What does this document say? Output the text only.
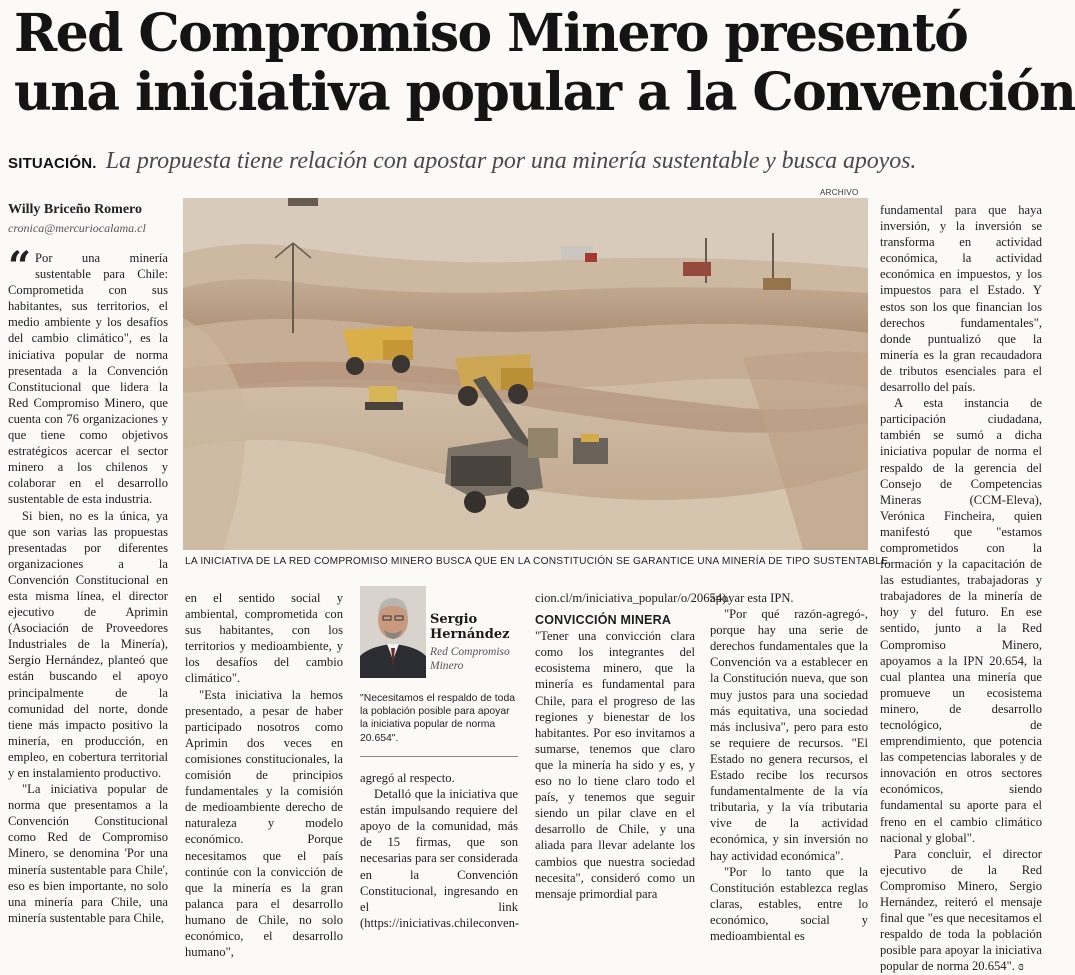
Red Compromiso Minero presentó
una iniciativa popular a la Convención
SITUACIÓN. La propuesta tiene relación con apostar por una minería sustentable y busca apoyos.
Willy Briceño Romero
cronica@mercuriocalama.cl

“ Por una minería sustentable para Chile: Comprometida con sus habitantes, sus territorios, el medio ambiente y los desafíos del cambio climático", es la iniciativa popular de norma presentada a la Convención Constitucional que lidera la Red Compromiso Minero, que cuenta con 76 organizaciones y que tiene como objetivos estratégicos acercar el sector minero a los chilenos y colaborar en el desarrollo sustentable de esta industria.

Si bien, no es la única, ya que son varias las propuestas presentadas por diferentes organizaciones a la Convención Constitucional en esta misma línea, el director ejecutivo de Aprimin (Asociación de Proveedores Industriales de la Minería), Sergio Hernández, planteó que están buscando el apoyo principalmente de la comunidad del norte, donde tiene más impacto positivo la minería, en producción, en empleo, en cobertura territorial y en instalamiento productivo.

"La iniciativa popular de norma que presentamos a la Convención Constitucional como Red de Compromiso Minero, se denomina 'Por una minería sustentable para Chile', eso es bien importante, no solo una minería para Chile, una minería sustentable para Chile,

ARCHIVO
LA INICIATIVA DE LA RED COMPROMISO MINERO BUSCA QUE EN LA CONSTITUCIÓN SE GARANTICE UNA MINERÍA DE TIPO SUSTENTABLE.

en el sentido social y ambiental, comprometida con sus habitantes, con los territorios y medioambiente, y los desafíos del cambio climático".

"Esta iniciativa la hemos presentado, a pesar de haber participado nosotros como Aprimin dos veces en comisiones constitucionales, la comisión de principios fundamentales y la comisión de medioambiente derecho de naturaleza y modelo económico. Porque necesitamos que el país continúe con la convicción de que la minería es la gran palanca para el desarrollo humano de Chile, no solo económico, el desarrollo humano",

Sergio Hernández
Red Compromiso Minero
"Necesitamos el respaldo de toda la población posible para apoyar la iniciativa popular de norma 20.654".

agregó al respecto.

Detalló que la iniciativa que están impulsando requiere del apoyo de la comunidad, más de 15 firmas, que son necesarias para ser considerada en la Convención Constitucional, ingresando en el link (https://iniciativas.chileconven-

cion.cl/m/iniciativa_popular/o/20654).

CONVICCIÓN MINERA

"Tener una convicción clara como los integrantes del ecosistema minero, que la minería es fundamental para Chile, para el progreso de las regiones y bienestar de los habitantes. Por eso invitamos a sumarse, tenemos que claro que la minería ha sido y es, y eso no lo tiene claro todo el país, y tenemos que seguir siendo un pilar clave en el desarrollo de Chile, y una aliada para llevar adelante los cambios que nuestra sociedad necesita", consideró como un mensaje primordial para

apoyar esta IPN.

"Por qué razón-agregó-, porque hay una serie de derechos fundamentales que la Convención va a establecer en la Constitución nueva, que son muy justos para una sociedad más equitativa, una sociedad más inclusiva", pero para esto se requiere de recursos. "El Estado no genera recursos, el Estado recibe los recursos fundamentalmente de la vía tributaria, y la vía tributaria vive de la actividad económica, y sin inversión no hay actividad económica".

"Por lo tanto que la Constitución establezca reglas claras, estables, entre lo económico, social y medioambiental es

fundamental para que haya inversión, y la inversión se transforma en actividad económica, la actividad económica en impuestos, y los impuestos para el Estado. Y estos son los que financian los derechos fundamentales", donde puntualizó que la minería es la gran recaudadora de tributos esenciales para el desarrollo del país.

A esta instancia de participación ciudadana, también se sumó a dicha iniciativa popular de norma el respaldo de la gerencia del Consejo de Competencias Mineras (CCM-Eleva), Verónica Fincheira, quien manifestó que "estamos comprometidos con la formación y la capacitación de las estudiantes, trabajadoras y trabajadores de la minería de hoy y del futuro. En ese sentido, junto a la Red Compromiso Minero, apoyamos a la IPN 20.654, la cual plantea una minería que promueve un ecosistema minero, de desarrollo tecnológico, de emprendimiento, que potencia las competencias laborales y de innovación en otros sectores económicos, siendo fundamental su aporte para el freno en el cambio climático nacional y global".

Para concluir, el director ejecutivo de la Red Compromiso Minero, Sergio Hernández, reiteró el mensaje final que "es que necesitamos el respaldo de toda la población posible para apoyar la iniciativa popular de norma 20.654". ɞ
